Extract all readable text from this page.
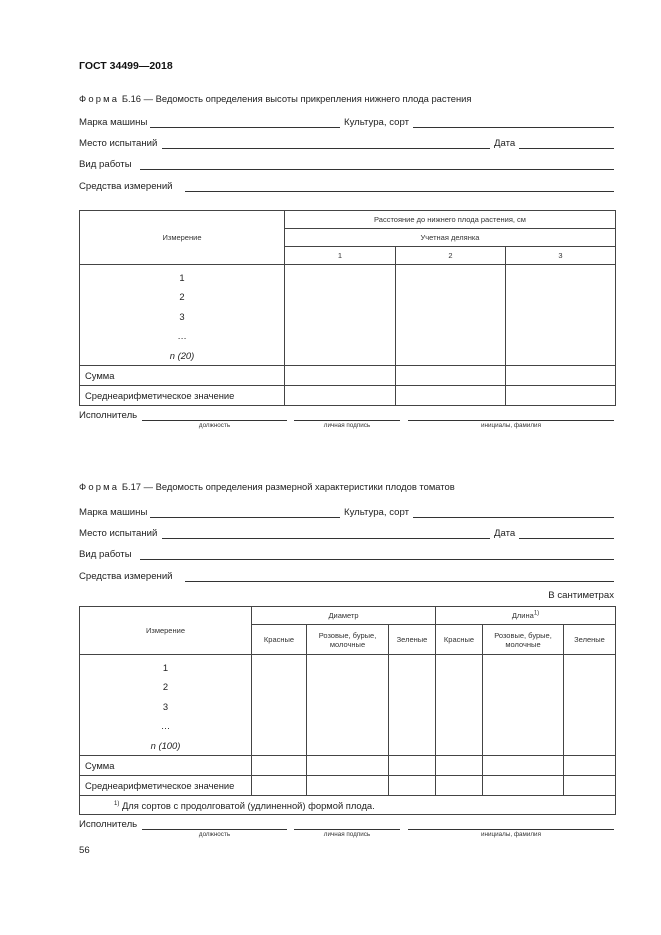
ГОСТ 34499—2018
Форма Б.16 — Ведомость определения высоты прикрепления нижнего плода растения
Марка машины	Культура, сорт
Место испытаний	Дата
Вид работы
Средства измерений
Измерение	Расстояние до нижнего плода растения, см		
	Учетная делянка		
	1	2	3

1
2
3
…
n (20)			

Сумма			
Среднеарифметическое значение			
Исполнитель
должность	личная подпись	инициалы, фамилия
Форма Б.17 — Ведомость определения размерной характеристики плодов томатов
Марка машины	Культура, сорт
Место испытаний	Дата
Вид работы
Средства измерений
В сантиметрах
Измерение	Диаметр			Длина$^{1)}$
	Красные	Розовые, бурые, молочные	Зеленые	Красные	Розовые, бурые, молочные	Зеленые

1
2
3
…
n (100)						

Сумма						
Среднеарифметическое значение						
$^{1)}$ Для сортов с продолговатой (удлиненной) формой плода.						
Исполнитель
должность	личная подпись	инициалы, фамилия
56
